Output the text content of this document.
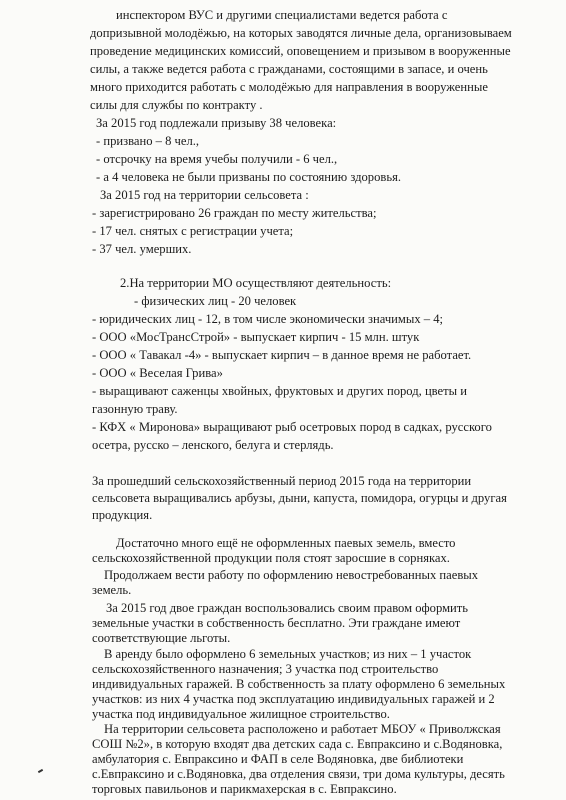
инспектором ВУС и другими специалистами ведется работа с

допризывной молодёжью, на которых заводятся личные дела, организовываем

проведение медицинских комиссий, оповещением и призывом в вооруженные

силы, а также ведется работа с гражданами, состоящими в запасе, и очень

много приходится работать с молодёжью для направления в вооруженные

силы для службы по контракту .

За 2015 год подлежали призыву 38 человека:

- призвано – 8 чел.,

- отсрочку на время учебы получили - 6 чел.,

- а 4 человека не были призваны по состоянию здоровья.

За 2015 год на территории сельсовета :

- зарегистрировано 26 граждан по месту жительства;

- 17 чел. снятых с регистрации учета;

- 37 чел. умерших.

2.На территории МО осуществляют деятельность:

- физических лиц - 20 человек

- юридических лиц - 12, в том числе экономически значимых – 4;

- ООО «МосТрансСтрой» - выпускает кирпич - 15 млн. штук

- ООО « Тавакал -4» - выпускает кирпич – в данное время не работает.

- ООО « Веселая Грива»

- выращивают саженцы хвойных, фруктовых и других пород, цветы и

газонную траву.

- КФХ « Миронова» выращивают рыб осетровых пород в садках, русского

осетра, русско – ленского, белуга и стерлядь.

За прошедший сельскохозяйственный период 2015 года на территории

сельсовета выращивались арбузы, дыни, капуста, помидора, огурцы и другая

продукция.

Достаточно много ещё не оформленных паевых земель, вместо

сельскохозяйственной продукции поля стоят заросшие в сорняках.

Продолжаем вести работу по оформлению невостребованных паевых

земель.

За 2015 год двое граждан воспользовались своим правом оформить

земельные участки в собственность бесплатно. Эти граждане имеют

соответствующие льготы.

В аренду было оформлено 6 земельных участков; из них – 1 участок

сельскохозяйственного назначения; 3 участка под строительство

индивидуальных гаражей. В собственность за плату оформлено 6 земельных

участков: из них 4 участка под эксплуатацию индивидуальных гаражей и 2

участка под индивидуальное жилищное строительство.

На территории сельсовета расположено и работает МБОУ « Приволжская

СОШ №2», в которую входят два детских сада с. Евпраксино и с.Водяновка,

амбулатория с. Евпраксино и ФАП в селе Водяновка, две библиотеки

с.Евпраксино и с.Водяновка, два отделения связи, три дома культуры, десять

торговых павильонов и парикмахерская в с. Евпраксино.
